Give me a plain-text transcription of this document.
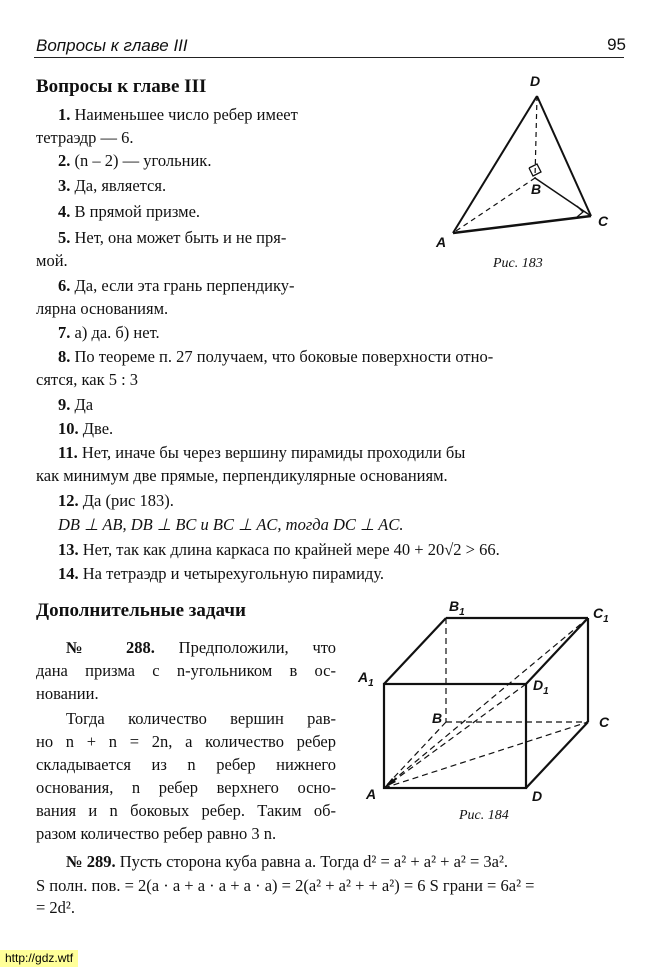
Вопросы к главе III	95
Вопросы к главе III
1. Наименьшее число ребер имеет
тетраэдр — 6.
2. (n – 2) — угольник.
3. Да, является.
4. В прямой призме.
5. Нет, она может быть и не пря-
мой.
6. Да, если эта грань перпендику-
лярна основаниям.
7. а) да. б) нет.
8. По теореме п. 27 получаем, что боковые поверхности отно-
сятся, как 5 : 3
9. Да
10. Две.
11. Нет, иначе бы через вершину пирамиды проходили бы
как минимум две прямые, перпендикулярные основаниям.
12. Да (рис 183).
DB ⊥ AB, DB ⊥ BC и BC ⊥ AC, тогда DC ⊥ AC.
13. Нет, так как длина каркаса по крайней мере 40 + 20√2 > 66.
14. На тетраэдр и четырехугольную пирамиду.
D
B
A
C
Рис. 183
Дополнительные задачи
№ 288. Предположили, что
дана призма с n-угольником в ос-
новании.
Тогда количество вершин рав-
но n + n = 2n, а количество ребер
складывается из n ребер нижнего
основания, n ребер верхнего осно-
вания и n боковых ребер. Таким об-
разом количество ребер равно 3 n.
$B_1$	$C_1$
$A_1$	$D_1$
B	C
A	D
Рис. 184
№ 289. Пусть сторона куба равна a. Тогда d² = a² + a² + a² = 3a².
S полн. пов. = 2(a · a + a · a + a · a) = 2(a² + a² + + a²) = 6 S грани = 6a² =
= 2d².
http://gdz.wtf
